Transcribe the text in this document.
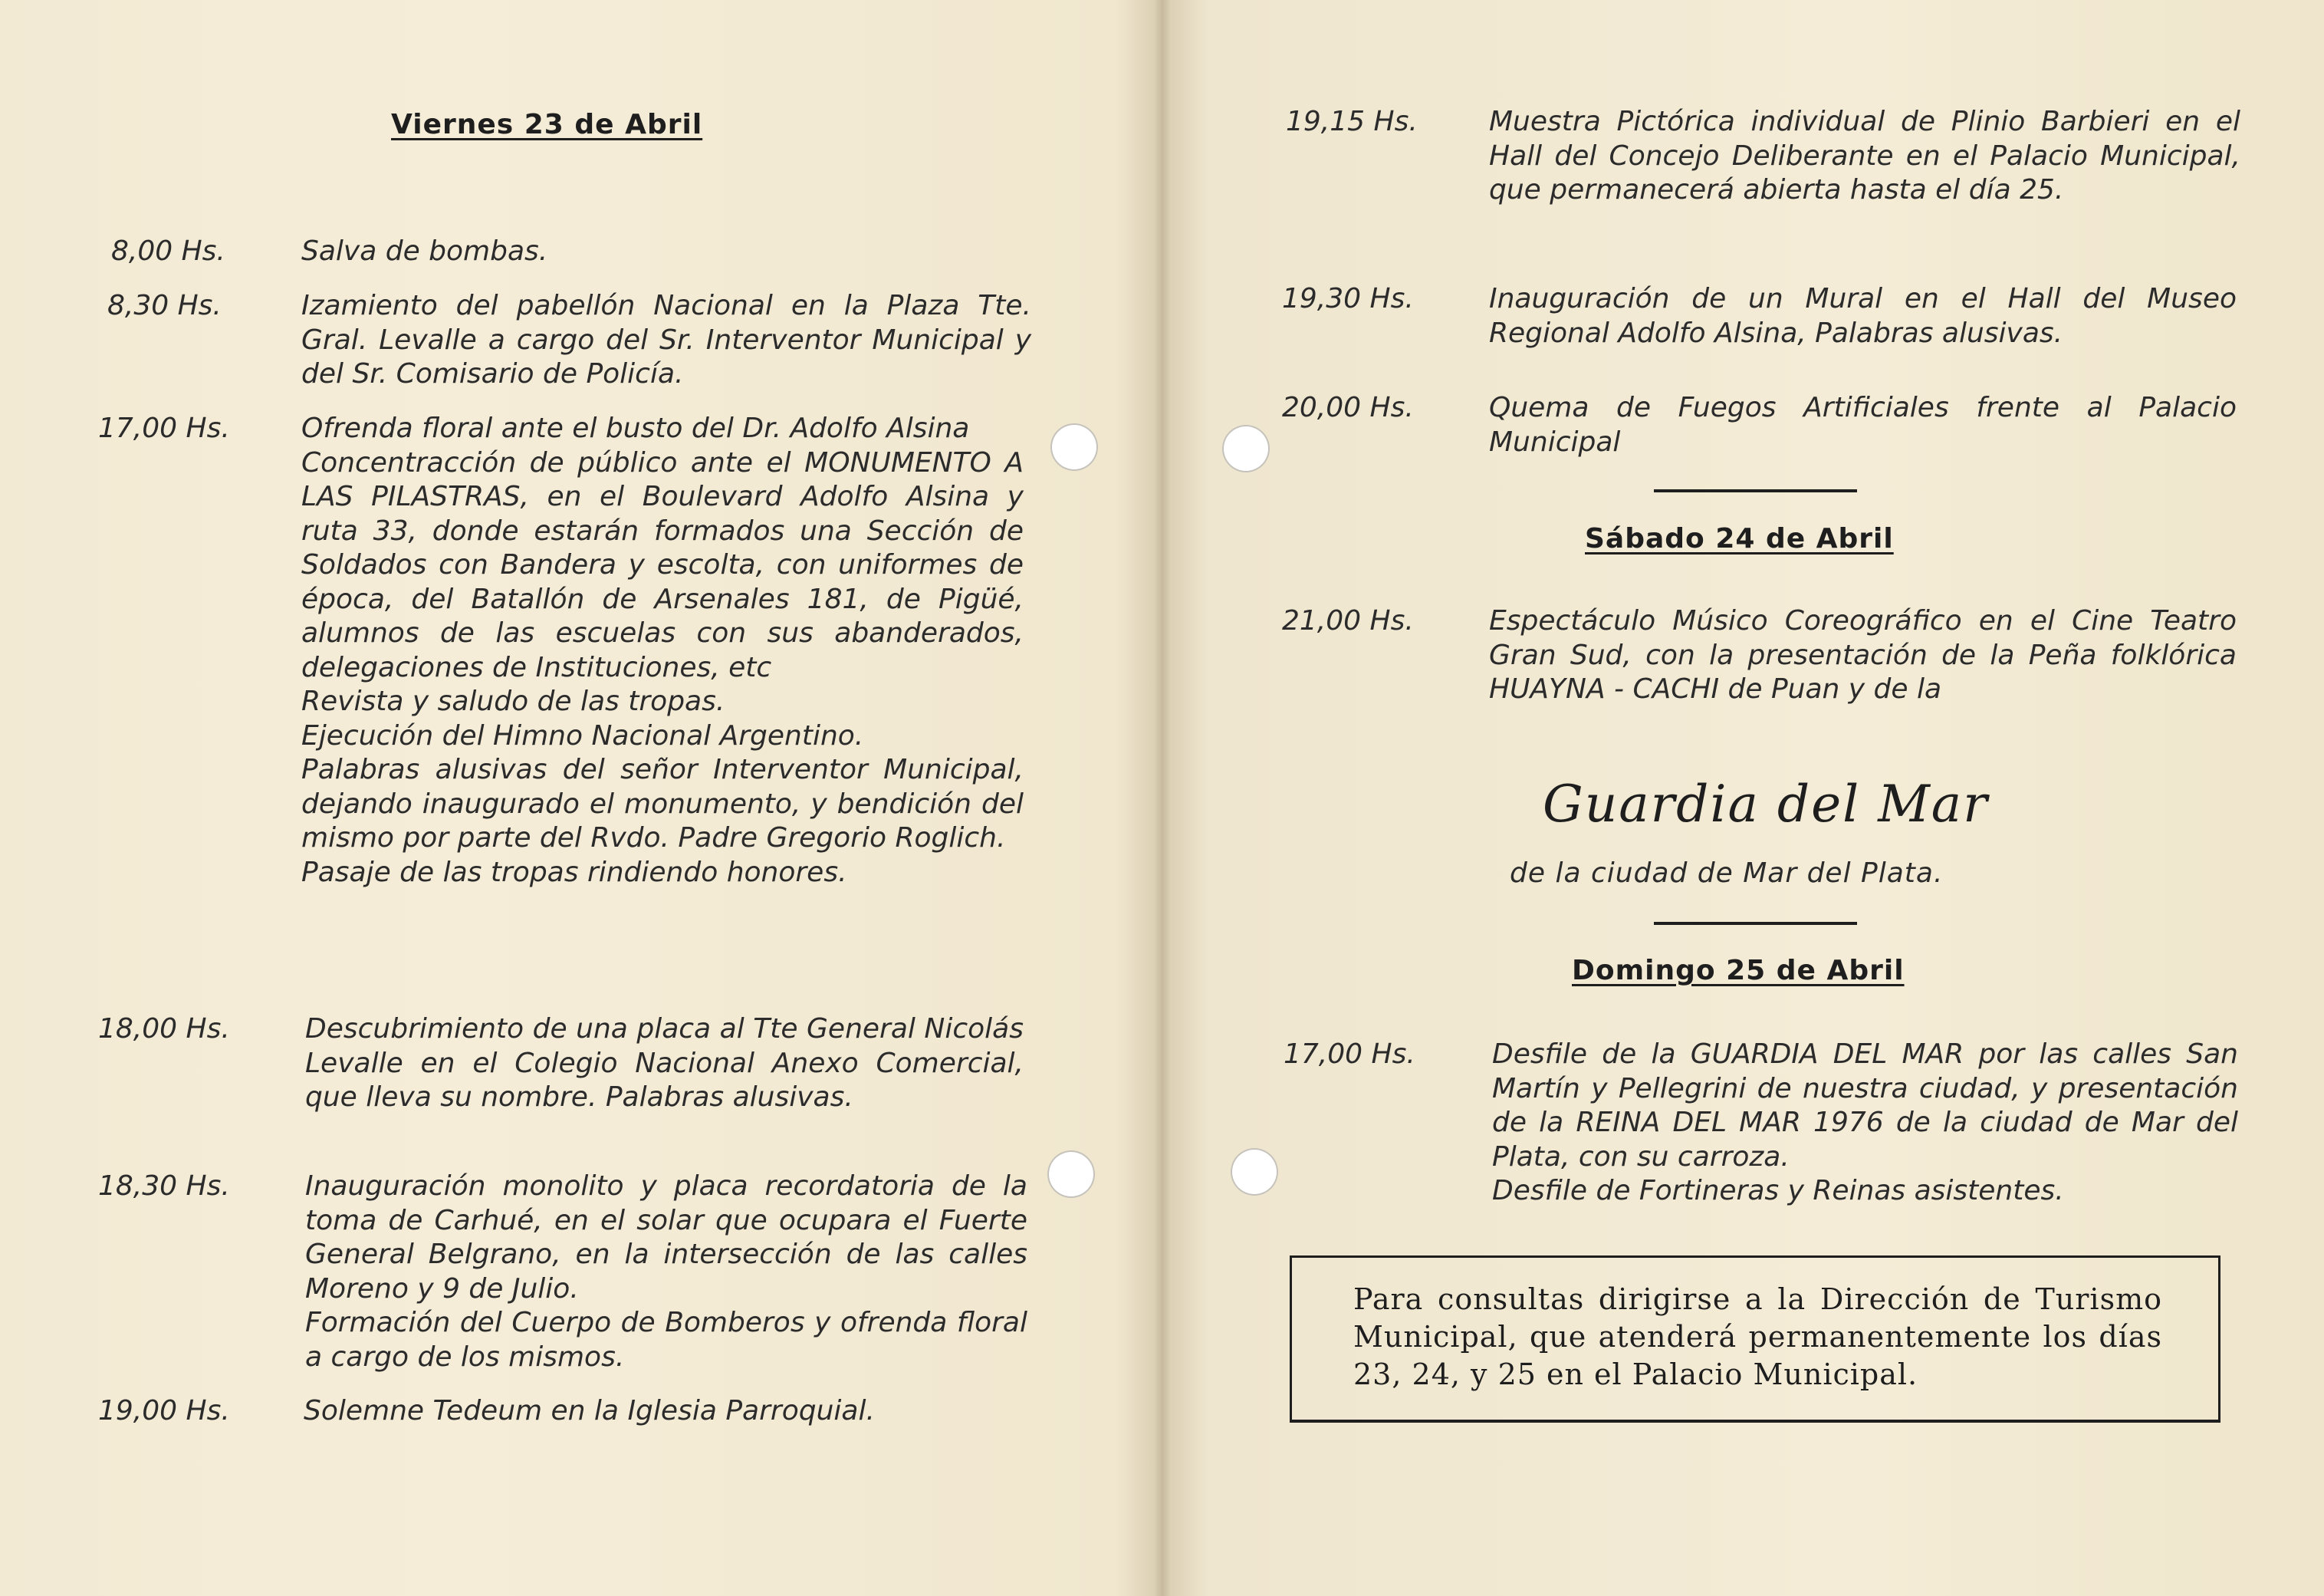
Viernes 23 de Abril
8,00 Hs.	Salva de bombas.

8,30 Hs.	Izamiento del pabellón Nacional en la Plaza Tte. Gral. Levalle a cargo del Sr. Interventor Municipal y del Sr. Comisario de Policía.

17,00 Hs.	Ofrenda floral ante el busto del Dr. Adolfo Alsina

Concentracción de público ante el MONUMENTO A LAS PILASTRAS, en el Boulevard Adolfo Alsina y ruta 33, donde estarán formados una Sección de Soldados con Bandera y escolta, con uniformes de época, del Batallón de Arsenales 181, de Pigüé, alumnos de las escuelas con sus abanderados, delegaciones de Instituciones, etc

Revista y saludo de las tropas.

Ejecución del Himno Nacional Argentino.

Palabras alusivas del señor Interventor Municipal, dejando inaugurado el monumento, y bendición del mismo por parte del Rvdo. Padre Gregorio Roglich.

Pasaje de las tropas rindiendo honores.

18,00 Hs.	Descubrimiento de una placa al Tte General Nicolás Levalle en el Colegio Nacional Anexo Comercial, que lleva su nombre. Palabras alusivas.

18,30 Hs.	Inauguración monolito y placa recordatoria de la toma de Carhué, en el solar que ocupara el Fuerte General Belgrano, en la intersección de las calles Moreno y 9 de Julio.

Formación del Cuerpo de Bomberos y ofrenda floral a cargo de los mismos.

19,00 Hs.	Solemne Tedeum en la Iglesia Parroquial.

19,15 Hs.	Muestra Pictórica individual de Plinio Barbieri en el Hall del Concejo Deliberante en el Palacio Municipal, que permanecerá abierta hasta el día 25.

19,30 Hs.	Inauguración de un Mural en el Hall del Museo Regional Adolfo Alsina, Palabras alusivas.

20,00 Hs.	Quema de Fuegos Artificiales frente al Palacio Municipal

Sábado 24 de Abril
21,00 Hs.	Espectáculo Músico Coreográfico en el Cine Teatro Gran Sud, con la presentación de la Peña folklórica HUAYNA - CACHI de Puan y de la

Guardia del Mar
de la ciudad de Mar del Plata.
Domingo 25 de Abril
17,00 Hs.	Desfile de la GUARDIA DEL MAR por las calles San Martín y Pellegrini de nuestra ciudad, y presentación de la REINA DEL MAR 1976 de la ciudad de Mar del Plata, con su carroza.

Desfile de Fortineras y Reinas asistentes.

Para consultas dirigirse a la Dirección de Turismo Municipal, que atenderá permanentemente los días 23, 24, y 25 en el Palacio Municipal.
